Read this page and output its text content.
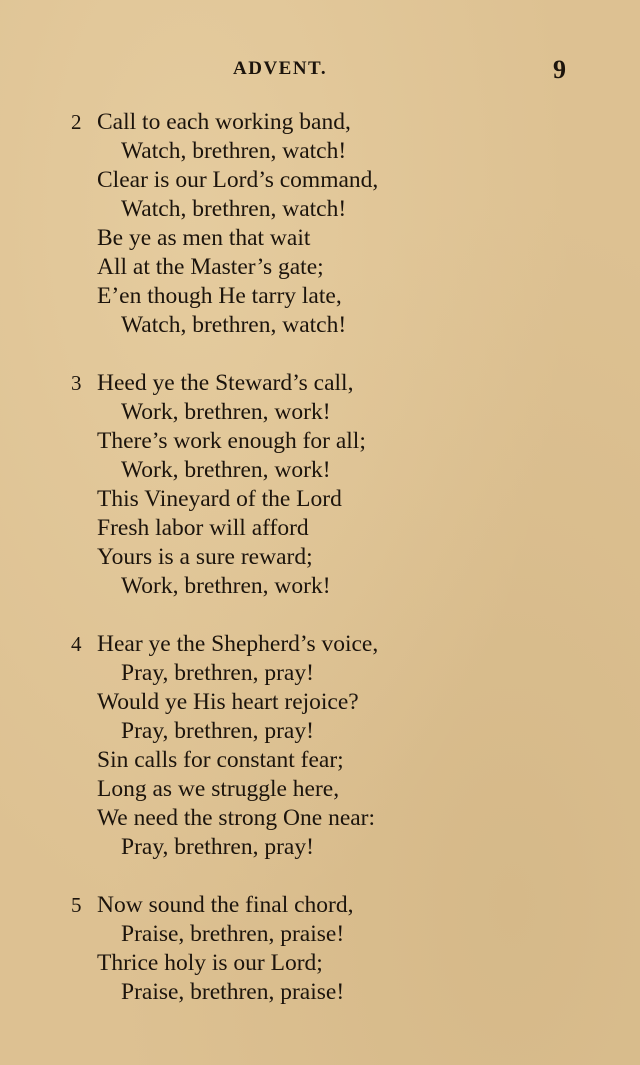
ADVENT.	9
2 Call to each working band,
Watch, brethren, watch!
Clear is our Lord’s command,
Watch, brethren, watch!
Be ye as men that wait
All at the Master’s gate;
E’en though He tarry late,
Watch, brethren, watch!
3 Heed ye the Steward’s call,
Work, brethren, work!
There’s work enough for all;
Work, brethren, work!
This Vineyard of the Lord
Fresh labor will afford
Yours is a sure reward;
Work, brethren, work!
4 Hear ye the Shepherd’s voice,
Pray, brethren, pray!
Would ye His heart rejoice?
Pray, brethren, pray!
Sin calls for constant fear;
Long as we struggle here,
We need the strong One near:
Pray, brethren, pray!
5 Now sound the final chord,
Praise, brethren, praise!
Thrice holy is our Lord;
Praise, brethren, praise!
